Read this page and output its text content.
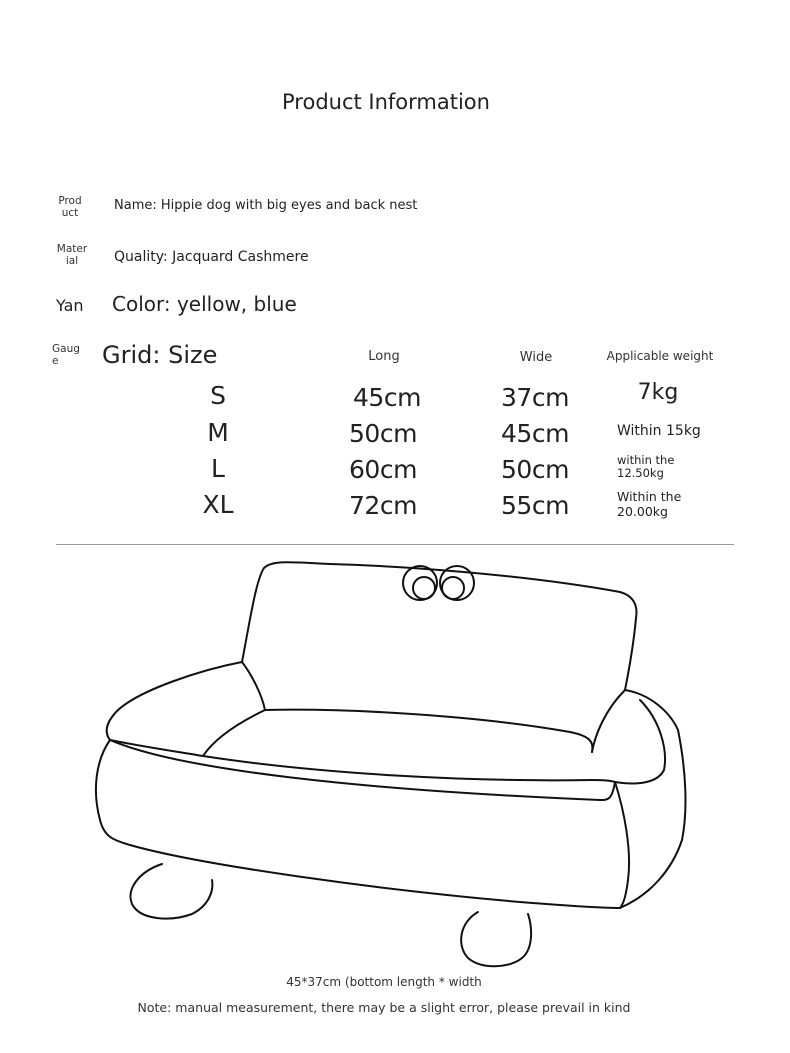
Product Information
Prod
uct	Name: Hippie dog with big eyes and back nest
Mater
ial	Quality: Jacquard Cashmere
Yan Color: yellow, blue
Gaug
e	Grid: Size	Long	Wide	Applicable weight
S	45cm	37cm	7kg
M	50cm	45cm	Within 15kg
L	60cm	50cm	within the
12.50kg
XL	72cm	55cm	Within the
20.00kg
45*37cm (bottom length * width
Note: manual measurement, there may be a slight error, please prevail in kind
